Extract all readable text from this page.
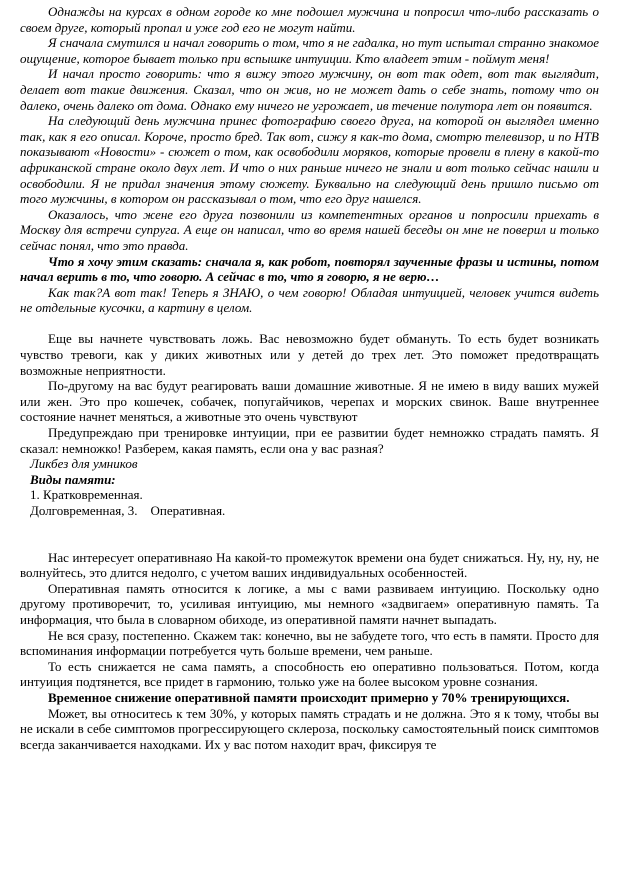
Однажды на курсах в одном городе ко мне подошел мужчина и попросил что-либо рассказать о своем друге, который пропал и уже год его не могут найти.

Я сначала смутился и начал говорить о том, что я не гадалка, но тут испытал странно знакомое ощущение, которое бывает только при вспышке интуиции. Кто владеет этим - поймут меня!

И начал просто говорить: что я вижу этого мужчину, он вот так одет, вот так выглядит, делает вот такие движения. Сказал, что он жив, но не может дать о себе знать, потому что он далеко, очень далеко от дома. Однако ему ничего не угрожает, ив течение полутора лет он появится.

На следующий день мужчина принес фотографию своего друга, на которой он выглядел именно так, как я его описал. Короче, просто бред. Так вот, сижу я как-то дома, смотрю телевизор, и по НТВ показывают «Новости» - сюжет о том, как освободили моряков, которые провели в плену в какой-то африканской стране около двух лет. И что о них раньше ничего не знали и вот только сейчас нашли и освободили. Я не придал значения этому сюжету. Буквально на следующий день пришло письмо от того мужчины, в котором он рассказывал о том, что его друг нашелся.

Оказалось, что жене его друга позвонили из компетентных органов и попросили приехать в Москву для встречи супруга. А еще он написал, что во время нашей беседы он мне не поверил и только сейчас понял, что это правда.

Что я хочу этим сказать: сначала я, как робот, повторял заученные фразы и истины, потом начал верить в то, что говорю. А сейчас в то, что я говорю, я не верю…

Как так?А вот так! Теперь я ЗНАЮ, о чем говорю! Обладая интуицией, человек учится видеть не отдельные кусочки, а картину в целом.

Еще вы начнете чувствовать ложь. Вас невозможно будет обмануть. То есть будет возникать чувство тревоги, как у диких животных или у детей до трех лет. Это поможет предотвращать возможные неприятности.

По-другому на вас будут реагировать ваши домашние животные. Я не имею в виду ваших мужей или жен. Это про кошечек, собачек, попугайчиков, черепах и морских свинок. Ваше внутреннее состояние начнет меняться, а животные это очень чувствуют

Предупреждаю при тренировке интуиции, при ее развитии будет немножко страдать память. Я сказал: немножко! Разберем, какая память, если она у вас разная?

Ликбез для умников

Виды памяти:

1. Кратковременная.

Долговременная, 3.    Оперативная.

Нас интересует оперативнаяо На какой-то промежуток времени она будет снижаться. Ну, ну, ну, не волнуйтесь, это длится недолго, с учетом ваших индивидуальных особенностей.

Оперативная память относится к логике, а мы с вами развиваем интуицию. Поскольку одно другому противоречит, то, усиливая интуицию, мы немного «задвигаем» оперативную память. Та информация, что была в словарном обиходе, из оперативной памяти начнет выпадать.

Не вся сразу, постепенно. Скажем так: конечно, вы не забудете того, что есть в памяти. Просто для вспоминания информации потребуется чуть больше времени, чем раньше.

То есть снижается не сама память, а способность ею оперативно пользоваться. Потом, когда интуиция подтянется, все придет в гармонию, только уже на более высоком уровне сознания.

Временное снижение оперативной памяти происходит примерно у 70% тренирующихся.

Может, вы относитесь к тем 30%, у которых память страдать и не должна. Это я к тому, чтобы вы не искали в себе симптомов прогрессирующего склероза, поскольку самостоятельный поиск симптомов всегда заканчивается находками. Их у вас потом находит врач, фиксируя те
